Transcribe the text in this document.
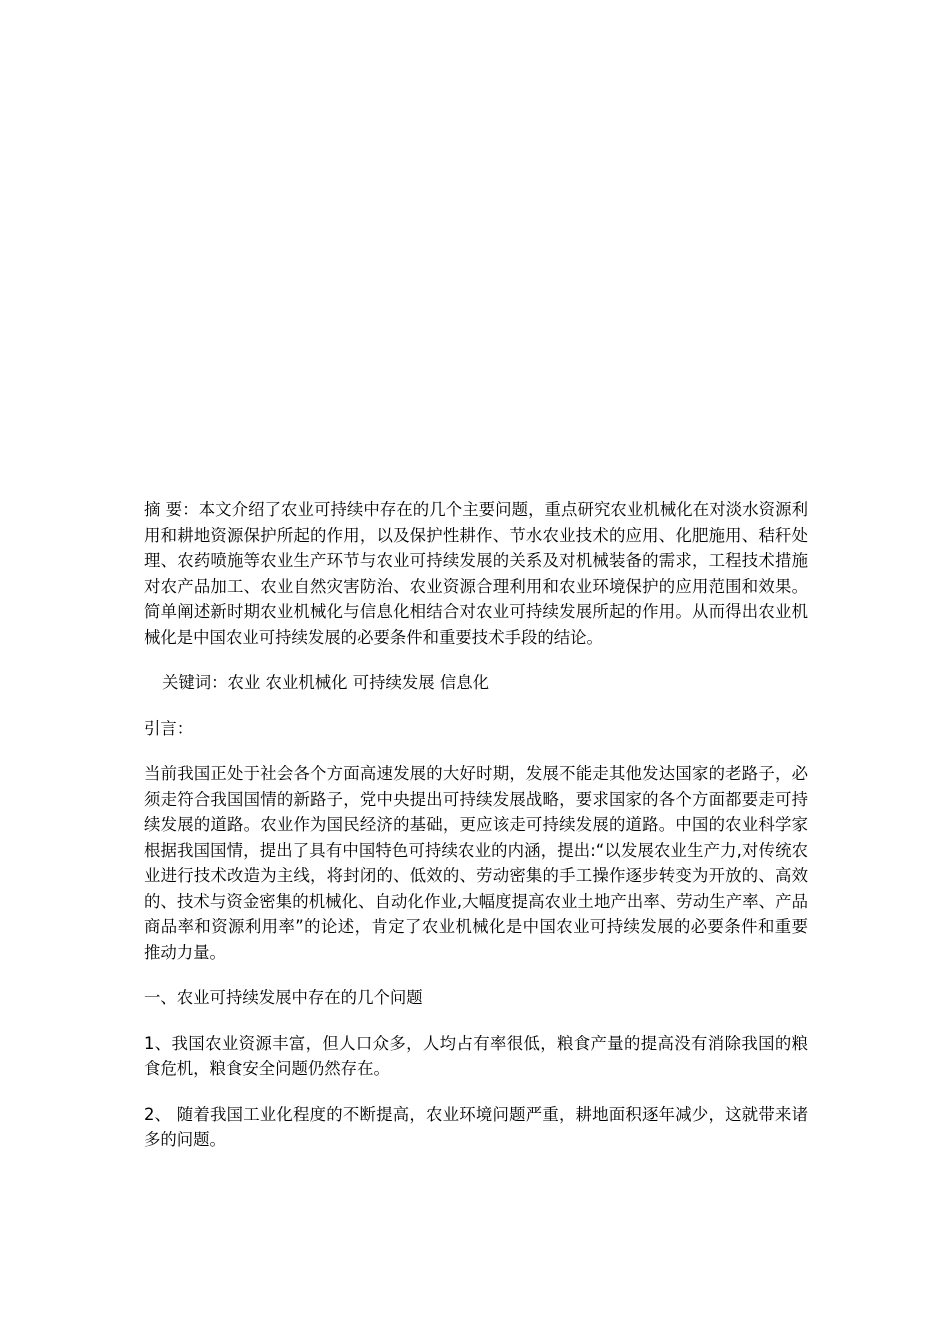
摘 要：本文介绍了农业可持续中存在的几个主要问题，重点研究农业机械化在对淡水资源利用和耕地资源保护所起的作用，以及保护性耕作、节水农业技术的应用、化肥施用、秸秆处理、农药喷施等农业生产环节与农业可持续发展的关系及对机械装备的需求，工程技术措施对农产品加工、农业自然灾害防治、农业资源合理利用和农业环境保护的应用范围和效果。简单阐述新时期农业机械化与信息化相结合对农业可持续发展所起的作用。从而得出农业机械化是中国农业可持续发展的必要条件和重要技术手段的结论。

关键词：农业 农业机械化 可持续发展 信息化

引言：

当前我国正处于社会各个方面高速发展的大好时期，发展不能走其他发达国家的老路子，必须走符合我国国情的新路子，党中央提出可持续发展战略，要求国家的各个方面都要走可持续发展的道路。农业作为国民经济的基础，更应该走可持续发展的道路。中国的农业科学家根据我国国情，提出了具有中国特色可持续农业的内涵，提出:“以发展农业生产力,对传统农业进行技术改造为主线，将封闭的、低效的、劳动密集的手工操作逐步转变为开放的、高效的、技术与资金密集的机械化、自动化作业,大幅度提高农业土地产出率、劳动生产率、产品商品率和资源利用率”的论述，肯定了农业机械化是中国农业可持续发展的必要条件和重要推动力量。

一、农业可持续发展中存在的几个问题

1、我国农业资源丰富，但人口众多，人均占有率很低，粮食产量的提高没有消除我国的粮食危机，粮食安全问题仍然存在。

2、 随着我国工业化程度的不断提高，农业环境问题严重，耕地面积逐年减少，这就带来诸多的问题。
